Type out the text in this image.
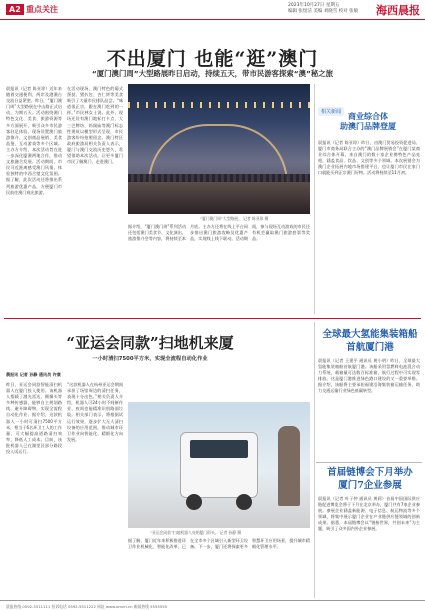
A2 重点关注	2023年10月27日 星期五
编辑 张煜洁 美编 刘晓雪 校对 张敏	海西晨报
不出厦门 也能“逛”澳门
“厦门澳门周”大型路展昨日启动，持续五天，带市民游客探索“澳”秘之旅
晨报讯（记者 陈亚琼）近年来随着交通便利，两岸及港澳台交流日益紧密。昨日，“厦门澳门周”大型路展在中山路正式启动，为期五天。活动围绕澳门特色文化、美食、旅游资源等多方面展开，吸引众多市民游客驻足体验。现场设置澳门旅游推介、文创商品展销、美食品鉴、互动游戏等多个区域。主办方介绍，本次活动旨在进一步深化厦澳两地合作，推动文旅融合发展。活动期间，市民可近距离感受澳门风情，体验独特的中西合璧文化氛围。据了解，此次活动还将推出系列旅游优惠产品，方便厦门市民前往澳门观光旅游。
在活动现场，澳门特色的葡式蛋挞、猪扒包、杏仁饼等美食吸引了大量市民排队品尝。“味道很正宗，跟在澳门吃到的一样。”市民林女士说。此外，现场还设有澳门地标打卡点，大三巴牌坊、妈阁庙等澳门标志性建筑以模型形式呈现，市民游客纷纷拍照留念。澳门特区政府旅游局相关负责人表示，厦门与澳门交流历史悠久，希望借助本次活动，让更多厦门市民了解澳门、走进澳门。
“厦门澳门周”大型路展。 记者 陈亚琼 摄
据介绍，“厦门澳门周”系列活动还包括澳门美食节、文化演出、旅游推介会等内容，将持续至本月底。主办方还将在线上平台同步推出澳门旅游攻略及优惠产品，实现线上线下联动。活动期间，参与现场互动游戏的市民还有机会赢取澳门旅游套票等奖品。
相关新闻 商业综合体
助澳门品牌登厦
晨报讯（记者 陈亚琼）昨日，由澳门贸易投资促进局、厦门市商务局联合主办的“澳门品牌展销会”在厦门某商业综合体开幕。来自澳门的数十家企业携特色产品亮相，涵盖食品、饮品、文创等多个领域。本次展销会为澳门企业拓展内地市场搭建平台，也让厦门市民在家门口就能买到正宗澳门好物。活动将持续至11月初。
“亚运会同款”扫地机来厦
一小时清扫7500平方米，实现全流程自动化作业
晨报讯 记者 孙静 通讯员 许康
昨日，亚运会同款智能清扫机器人在厦门投入使用。该机器人搭载了激光雷达、摄像头等多种传感器，能够自主规划路线、避开障碍物，实现全流程自动化作业。据介绍，这款机器人一小时可清扫7500平方米，相当于6名环卫工人的工作量，可大幅提高道路清扫效率，降低人工成本。目前，该批机器人已在湖里区部分路段投入试运行。
“这款机器人在杭州亚运会期间承担了场馆周边的清扫任务，表现十分出色。”相关负责人介绍，机器人可24小时不间断作业，夜间也能精准识别路面垃圾。相关部门表示，将根据试运行效果，逐步扩大无人清扫设备的应用范围，推动城市环卫作业向智能化、精细化方向发展。
“亚运会同款”扫地机器人亮相厦门街头。 记者 孙静 摄
据了解，厦门近年来积极推进环卫作业机械化、智能化改革，已在全市多个区域引入新型环卫设备。下一步，厦门还将探索更多智慧环卫应用场景，提升城市精细化管理水平。
全球最大氢能集装箱船
首航厦门港
晨报讯（记者 王建平 通讯员 黄小明）昨日，全球最大氢能集装箱船首航厦门港。该船采用氢燃料电池混合动力系统，载箱量可达数百标准箱，航行过程中可实现零排放。这是厦门港推进绿色港口建设的又一重要举措。据介绍，该船将主要承担福建沿海集装箱运输任务，助力交通运输行业绿色低碳转型。
首届链博会下月举办
厦门7企业参展
晨报讯（记者 叶子仲 通讯员 黄莉）首届中国国际供应链促进博览会将于下月在北京举办，厦门共有7家企业参展。参展企业涵盖新能源、电子信息、航运物流等多个领域，将集中展示厦门企业在产业链供应链领域的创新成果。据悉，本届链博会以“链接世界，共创未来”为主题，吸引了众多国内外企业参展。
晨报热线 0592-5511111 投诉电话 0592-5511222 网址 www.xmnn.cn 新闻热线 5555555
